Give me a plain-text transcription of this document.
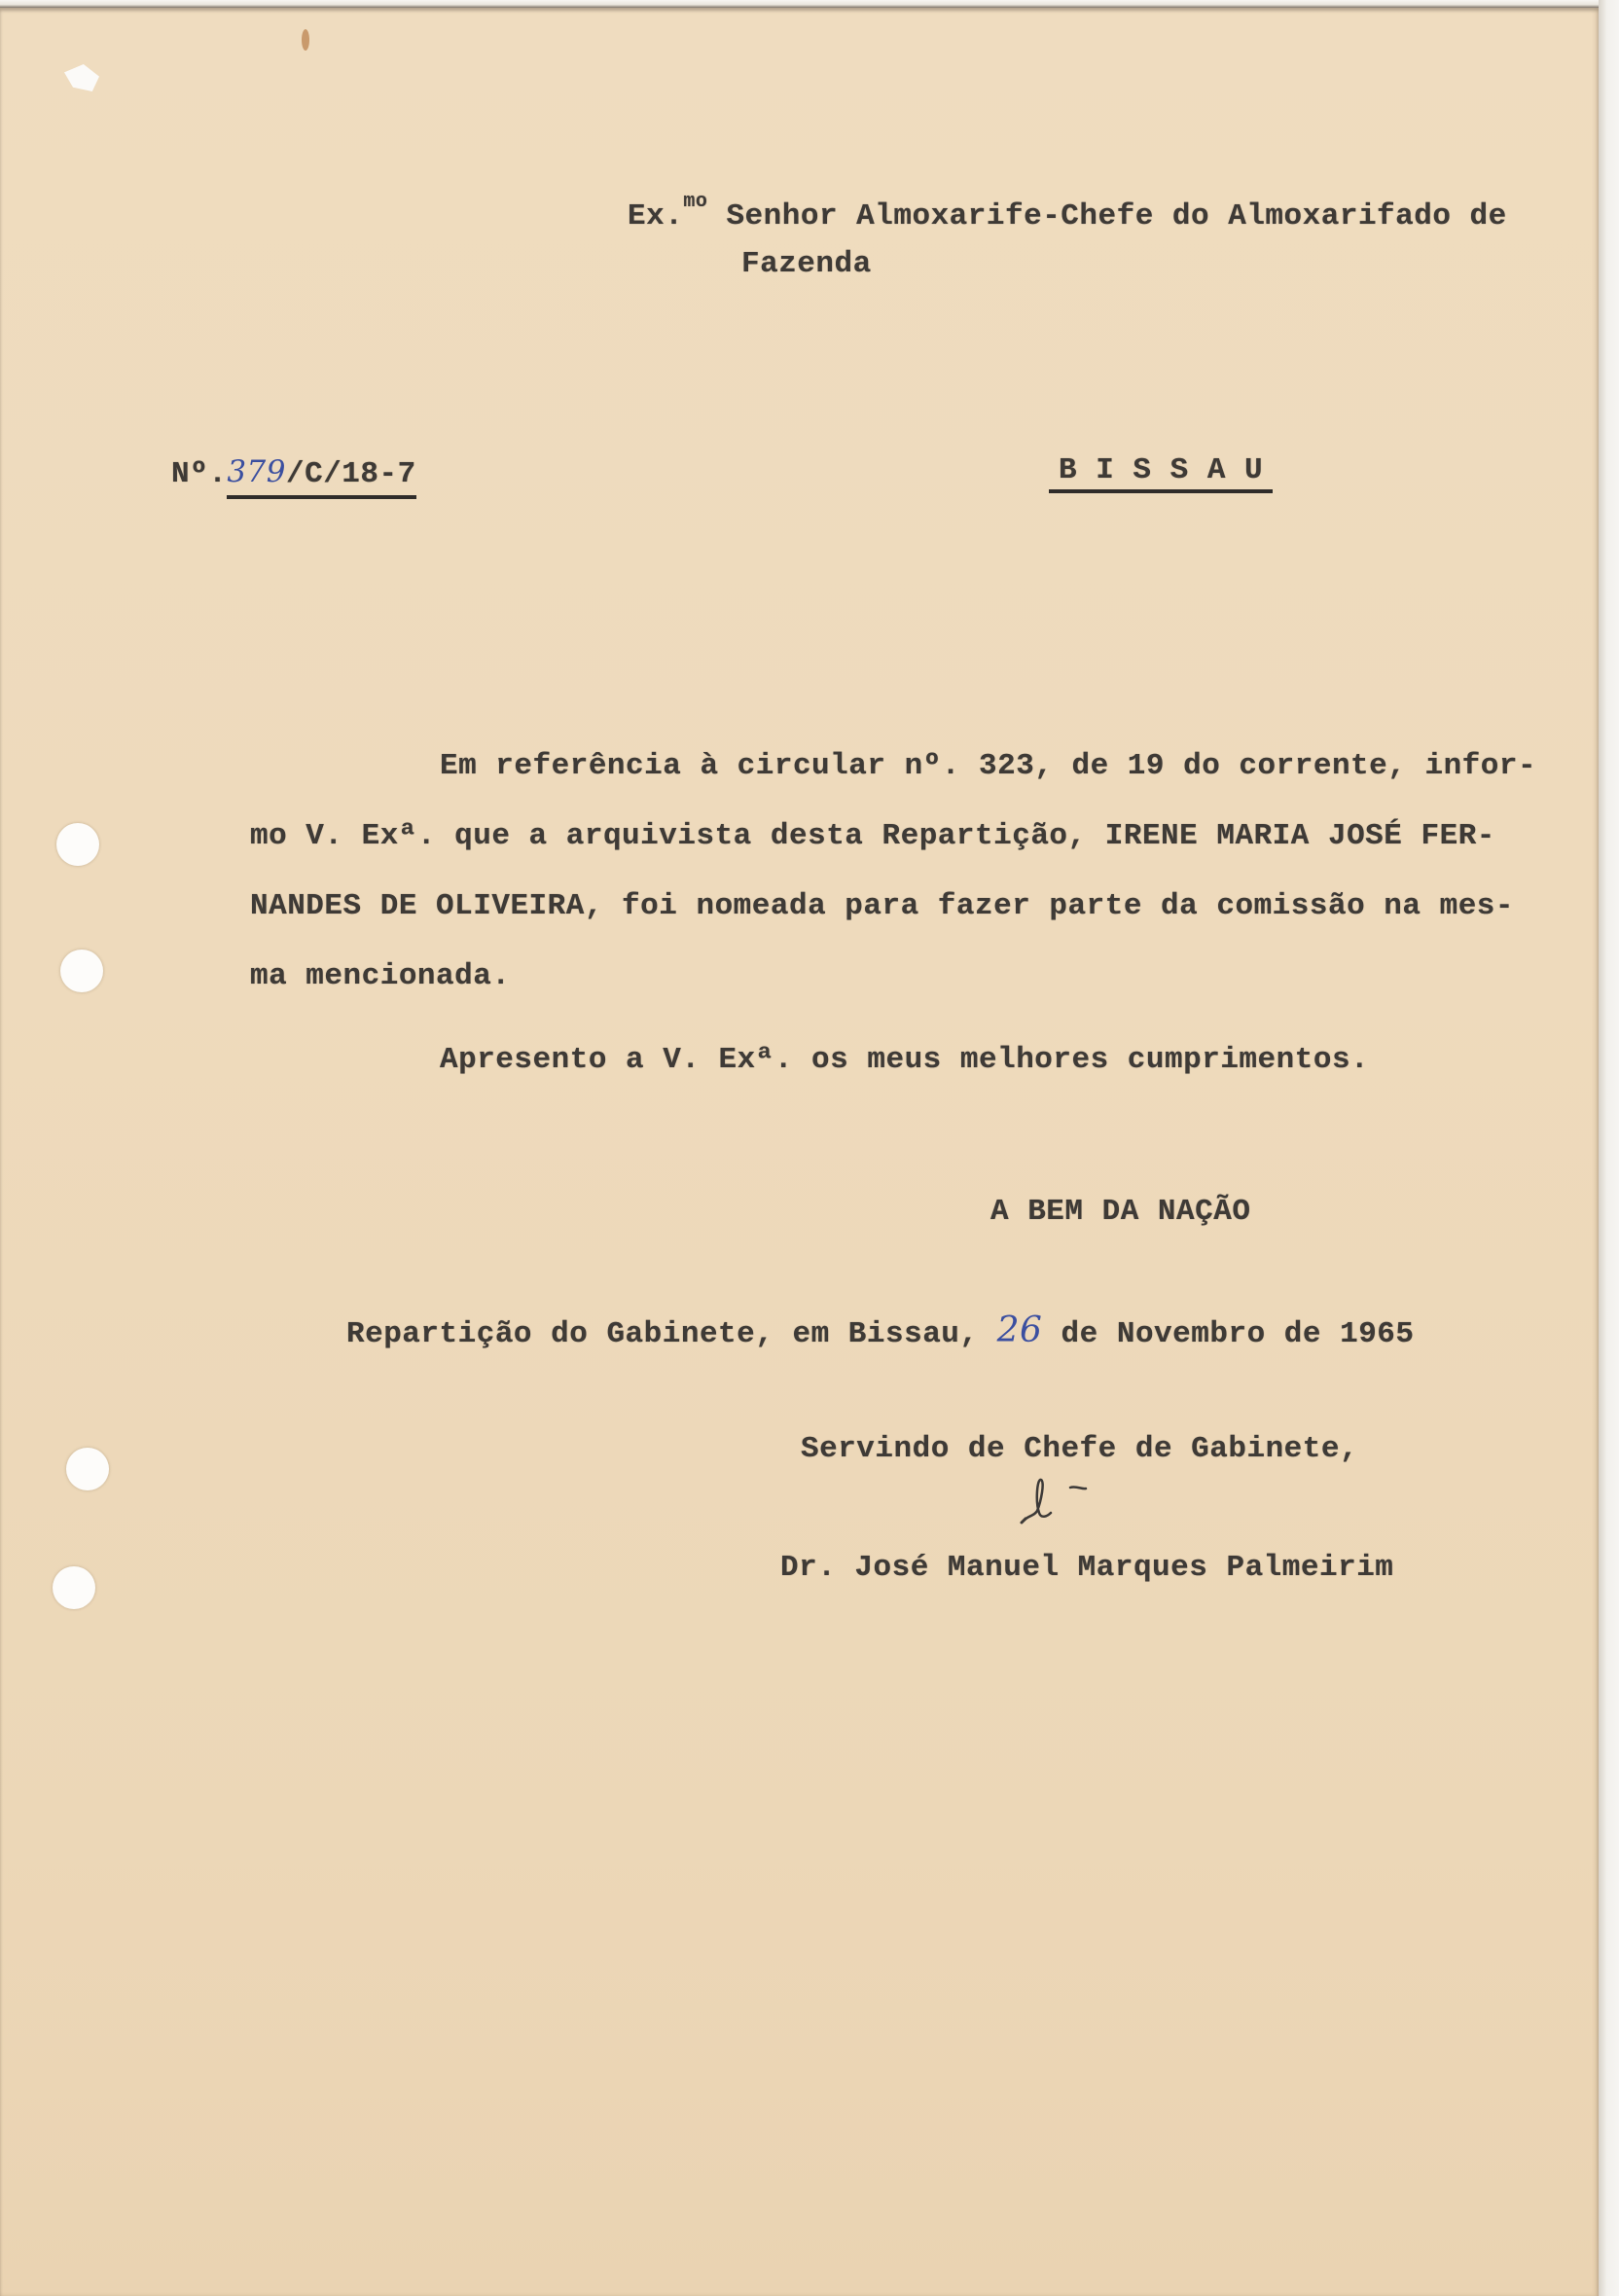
Ex.$^{mo}$ Senhor Almoxarife-Chefe do Almoxarifado de
Fazenda
Nº.379/C/18-7	B I S S A U
Em referência à circular nº. 323, de 19 do corrente, infor-
mo V. Exª. que a arquivista desta Repartição, IRENE MARIA JOSÉ FER-
NANDES DE OLIVEIRA, foi nomeada para fazer parte da comissão na mes-
ma mencionada.
Apresento a V. Exª. os meus melhores cumprimentos.
A BEM DA NAÇÃO
Repartição do Gabinete, em Bissau, 26 de Novembro de 1965
Servindo de Chefe de Gabinete,
Dr. José Manuel Marques Palmeirim
